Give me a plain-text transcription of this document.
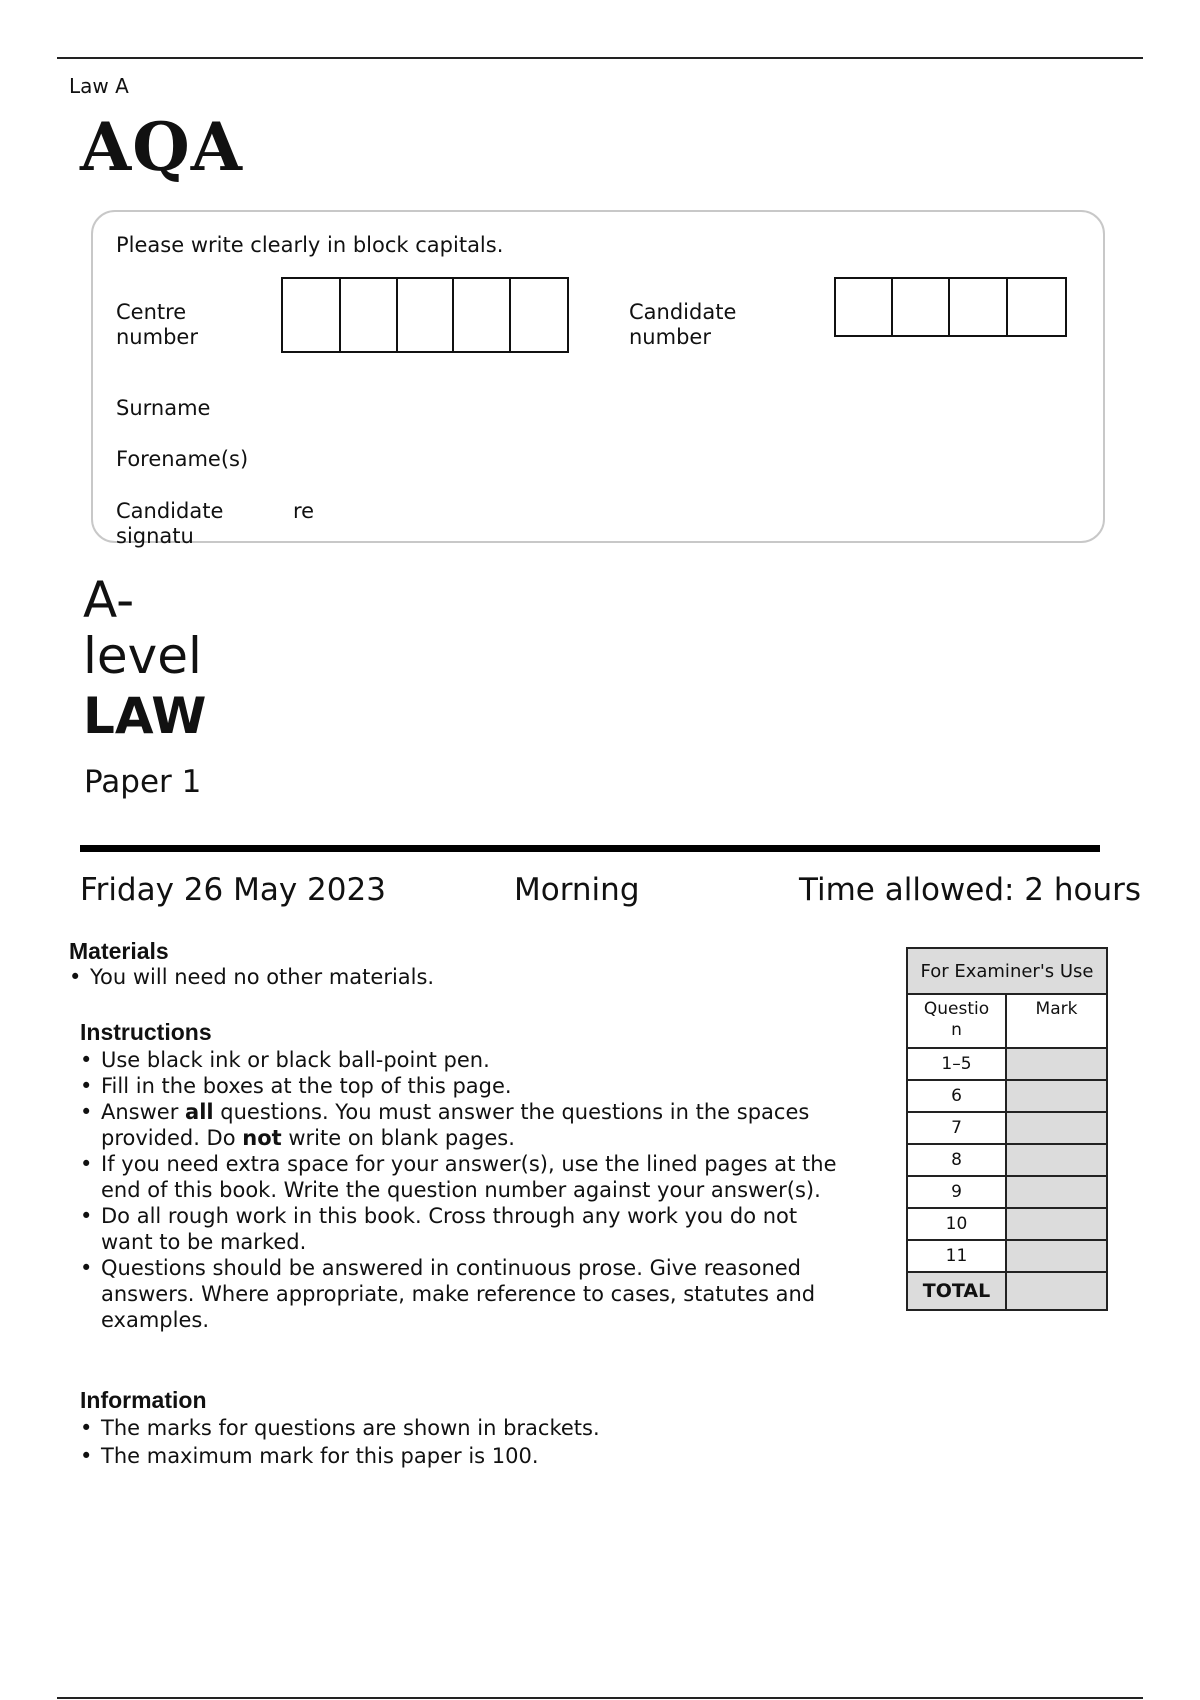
Law A
AQA
Please write clearly in block capitals.
Centre
number
Candidate
number
Surname
Forename(s)
Candidate
signatu
re
A-
level
LAW
Paper 1
Friday 26 May 2023	Morning	Time allowed: 2 hours
Materials
• You will need no other materials.
Instructions
• Use black ink or black ball-point pen.
• Fill in the boxes at the top of this page.
• Answer all questions. You must answer the questions in the spaces provided. Do not write on blank pages.
• If you need extra space for your answer(s), use the lined pages at the end of this book. Write the question number against your answer(s).
• Do all rough work in this book. Cross through any work you do not want to be marked.
• Questions should be answered in continuous prose. Give reasoned answers. Where appropriate, make reference to cases, statutes and examples.
Information
• The marks for questions are shown in brackets.
• The maximum mark for this paper is 100.
For Examiner's Use	
Questio
n	Mark
1–5	
6	
7	
8	
9	
10	
11	
TOTAL	
